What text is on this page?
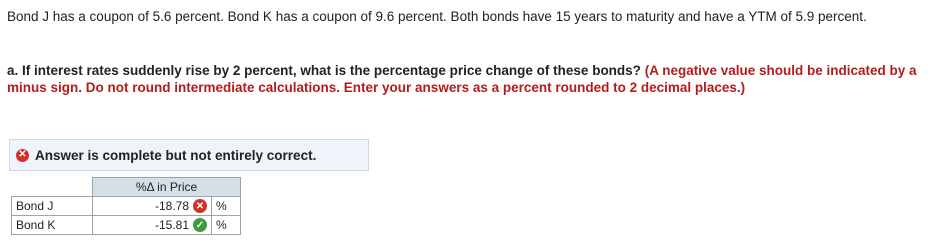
Bond J has a coupon of 5.6 percent. Bond K has a coupon of 9.6 percent. Both bonds have 15 years to maturity and have a YTM of 5.9 percent.
a. If interest rates suddenly rise by 2 percent, what is the percentage price change of these bonds? (A negative value should be indicated by a minus sign. Do not round intermediate calculations. Enter your answers as a percent rounded to 2 decimal places.)
✕ Answer is complete but not entirely correct.
	%Δ in Price	
Bond J	-18.78 ✕	%
Bond K	-15.81 ✓	%
